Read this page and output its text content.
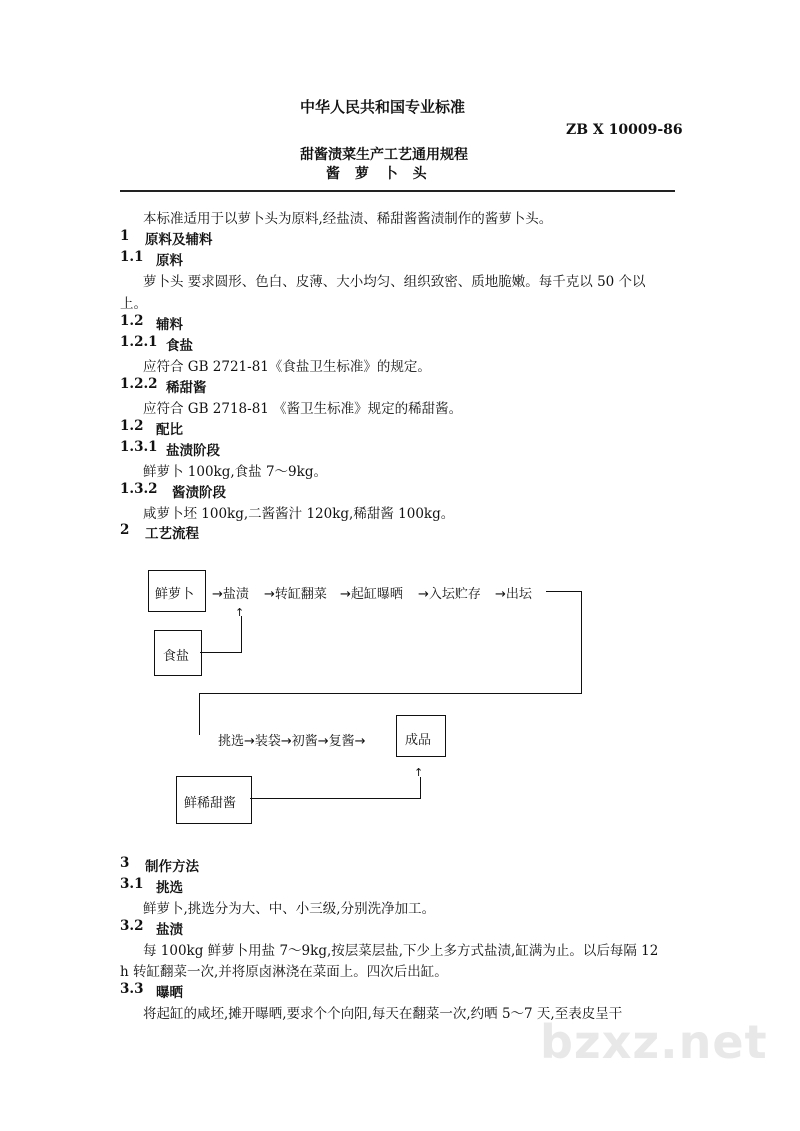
中华人民共和国专业标准
ZB X 10009-86
甜酱渍菜生产工艺通用规程
酱 萝 卜 头
本标准适用于以萝卜头为原料,经盐渍、稀甜酱酱渍制作的酱萝卜头。
1 原料及辅料
1.1 原料
萝卜头 要求圆形、色白、皮薄、大小均匀、组织致密、质地脆嫩。每千克以 50 个以
上。
1.2 辅料
1.2.1 食盐
应符合 GB 2721-81《食盐卫生标准》的规定。
1.2.2 稀甜酱
应符合 GB 2718-81 《酱卫生标准》规定的稀甜酱。
1.2 配比
1.3.1 盐渍阶段
鲜萝卜 100kg,食盐 7～9kg。
1.3.2 酱渍阶段
咸萝卜坯 100kg,二酱酱汁 120kg,稀甜酱 100kg。
2 工艺流程
鲜萝卜 →盐渍 →转缸翻菜 →起缸曝晒 →入坛贮存 →出坛
食盐
↑
挑选→装袋→初酱→复酱→	成品
鲜稀甜酱
↑
3 制作方法
3.1 挑选
鲜萝卜,挑选分为大、中、小三级,分别洗净加工。
3.2 盐渍
每 100kg 鲜萝卜用盐 7～9kg,按层菜层盐,下少上多方式盐渍,缸满为止。以后每隔 12
h 转缸翻菜一次,并将原卤淋浇在菜面上。四次后出缸。
3.3 曝晒
将起缸的咸坯,摊开曝晒,要求个个向阳,每天在翻菜一次,约晒 5～7 天,至表皮呈干
bzxz.net
